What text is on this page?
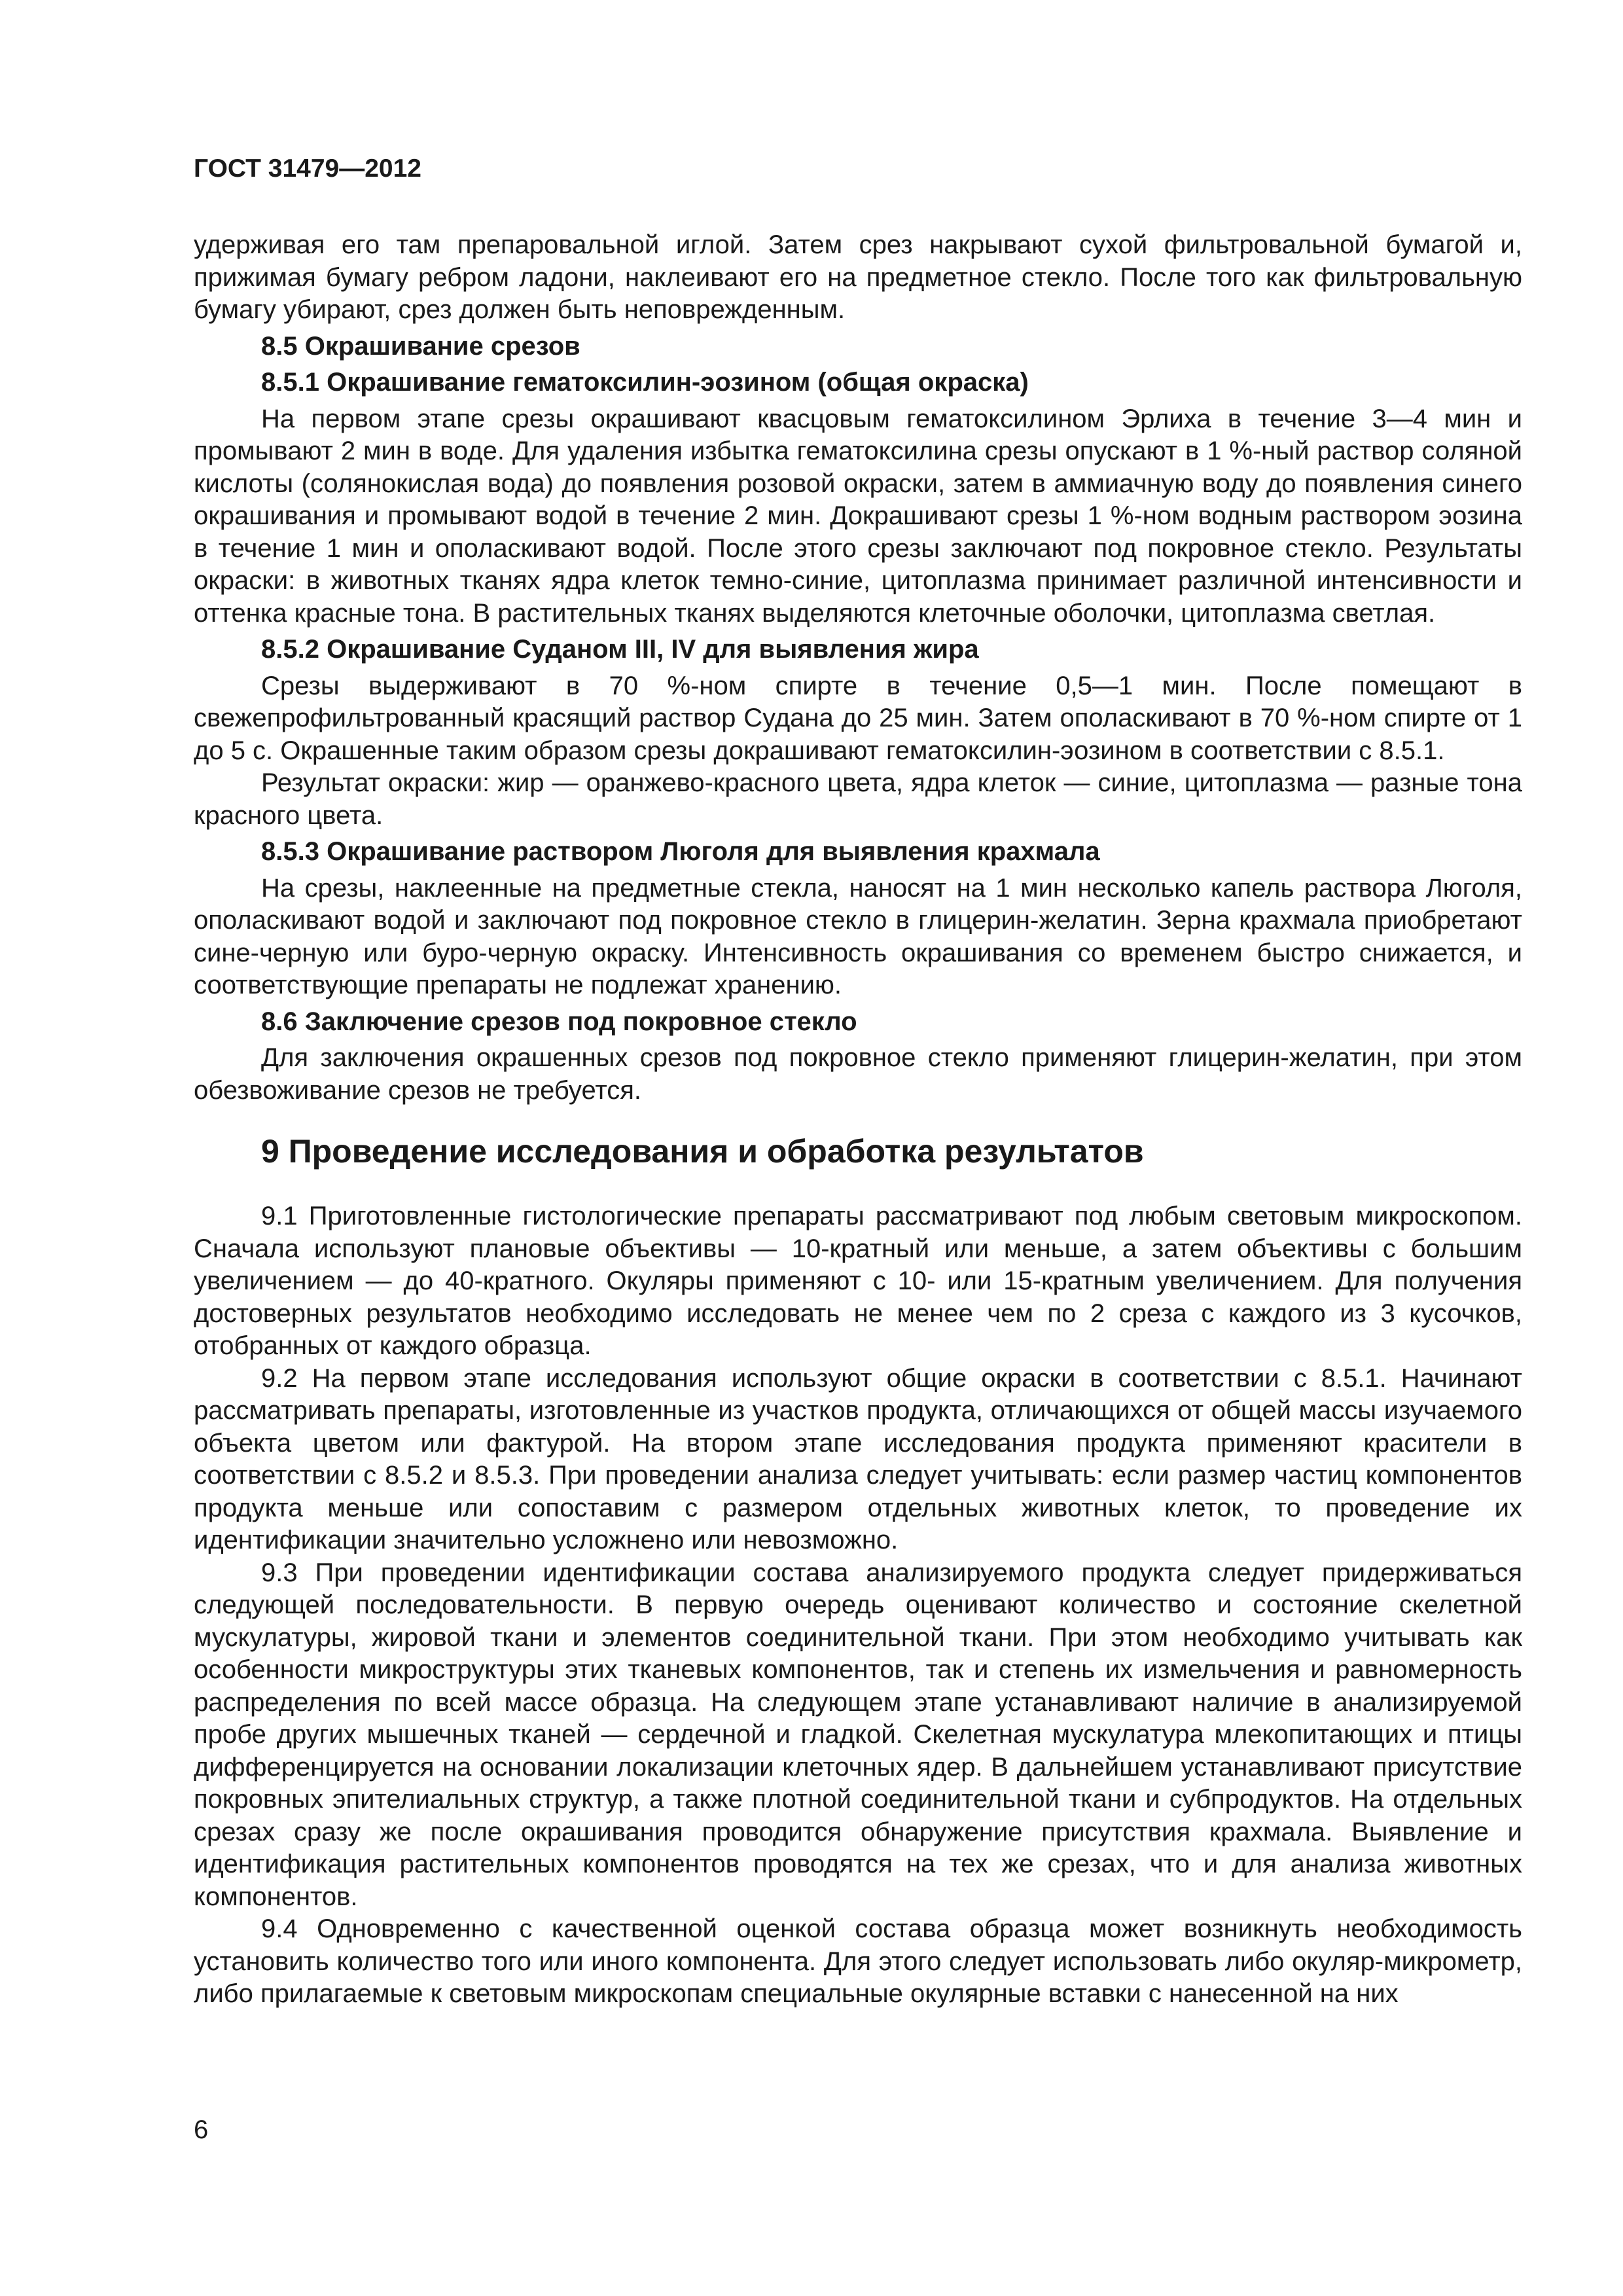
ГОСТ 31479—2012

удерживая его там препаровальной иглой. Затем срез накрывают сухой фильтровальной бумагой и, прижимая бумагу ребром ладони, наклеивают его на предметное стекло. После того как фильтровальную бумагу убирают, срез должен быть неповрежденным.

8.5 Окрашивание срезов
8.5.1 Окрашивание гематоксилин-эозином (общая окраска)

На первом этапе срезы окрашивают квасцовым гематоксилином Эрлиха в течение 3—4 мин и промывают 2 мин в воде. Для удаления избытка гематоксилина срезы опускают в 1 %-ный раствор соляной кислоты (солянокислая вода) до появления розовой окраски, затем в аммиачную воду до появления синего окрашивания и промывают водой в течение 2 мин. Докрашивают срезы 1 %-ном водным раствором эозина в течение 1 мин и ополаскивают водой. После этого срезы заключают под покровное стекло. Результаты окраски: в животных тканях ядра клеток темно-синие, цитоплазма принимает различной интенсивности и оттенка красные тона. В растительных тканях выделяются клеточные оболочки, цитоплазма светлая.

8.5.2 Окрашивание Суданом III, IV для выявления жира

Срезы выдерживают в 70 %-ном спирте в течение 0,5—1 мин. После помещают в свежепрофильтрованный красящий раствор Судана до 25 мин. Затем ополаскивают в 70 %-ном спирте от 1 до 5 с. Окрашенные таким образом срезы докрашивают гематоксилин-эозином в соответствии с 8.5.1.

Результат окраски: жир — оранжево-красного цвета, ядра клеток — синие, цитоплазма — разные тона красного цвета.

8.5.3 Окрашивание раствором Люголя для выявления крахмала

На срезы, наклеенные на предметные стекла, наносят на 1 мин несколько капель раствора Люголя, ополаскивают водой и заключают под покровное стекло в глицерин-желатин. Зерна крахмала приобретают сине-черную или буро-черную окраску. Интенсивность окрашивания со временем быстро снижается, и соответствующие препараты не подлежат хранению.

8.6 Заключение срезов под покровное стекло

Для заключения окрашенных срезов под покровное стекло применяют глицерин-желатин, при этом обезвоживание срезов не требуется.

9 Проведение исследования и обработка результатов

9.1 Приготовленные гистологические препараты рассматривают под любым световым микроскопом. Сначала используют плановые объективы — 10-кратный или меньше, а затем объективы с большим увеличением — до 40-кратного. Окуляры применяют с 10- или 15-кратным увеличением. Для получения достоверных результатов необходимо исследовать не менее чем по 2 среза с каждого из 3 кусочков, отобранных от каждого образца.

9.2 На первом этапе исследования используют общие окраски в соответствии с 8.5.1. Начинают рассматривать препараты, изготовленные из участков продукта, отличающихся от общей массы изучаемого объекта цветом или фактурой. На втором этапе исследования продукта применяют красители в соответствии с 8.5.2 и 8.5.3. При проведении анализа следует учитывать: если размер частиц компонентов продукта меньше или сопоставим с размером отдельных животных клеток, то проведение их идентификации значительно усложнено или невозможно.

9.3 При проведении идентификации состава анализируемого продукта следует придерживаться следующей последовательности. В первую очередь оценивают количество и состояние скелетной мускулатуры, жировой ткани и элементов соединительной ткани. При этом необходимо учитывать как особенности микроструктуры этих тканевых компонентов, так и степень их измельчения и равномерность распределения по всей массе образца. На следующем этапе устанавливают наличие в анализируемой пробе других мышечных тканей — сердечной и гладкой. Скелетная мускулатура млекопитающих и птицы дифференцируется на основании локализации клеточных ядер. В дальнейшем устанавливают присутствие покровных эпителиальных структур, а также плотной соединительной ткани и субпродуктов. На отдельных срезах сразу же после окрашивания проводится обнаружение присутствия крахмала. Выявление и идентификация растительных компонентов проводятся на тех же срезах, что и для анализа животных компонентов.

9.4 Одновременно с качественной оценкой состава образца может возникнуть необходимость установить количество того или иного компонента. Для этого следует использовать либо окуляр-микрометр, либо прилагаемые к световым микроскопам специальные окулярные вставки с нанесенной на них

6
